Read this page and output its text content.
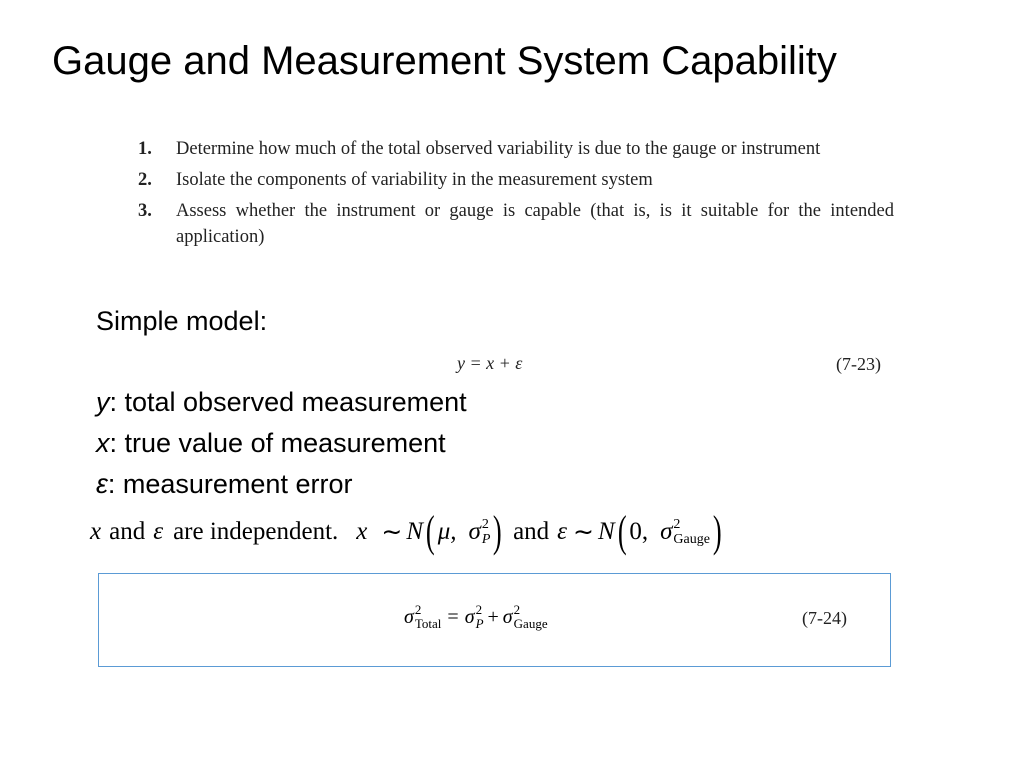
Gauge and Measurement System Capability
1.	Determine how much of the total observed variability is due to the gauge or instrument
2.	Isolate the components of variability in the measurement system
3.	Assess whether the instrument or gauge is capable (that is, is it suitable for the intended application)
Simple model:
y = x + ε	(7-23)
y: total observed measurement
x: true value of measurement
ε: measurement error
x and ε are independent. x ∼ N ( μ, σ 2
P ) and ε ∼ N ( 0, σ 2
Gauge )
σ 2
Total = σ 2
P + σ 2
Gauge	(7-24)
